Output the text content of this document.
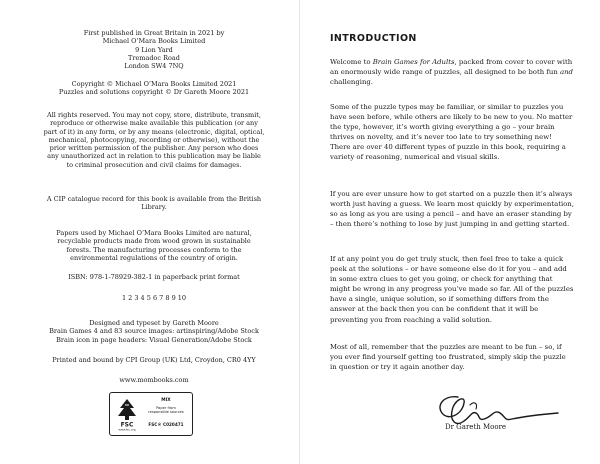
First published in Great Britain in 2021 by
Michael O’Mara Books Limited
9 Lion Yard
Tremadoc Road
London SW4 7NQ

Copyright © Michael O’Mara Books Limited 2021
Puzzles and solutions copyright © Dr Gareth Moore 2021

All rights reserved. You may not copy, store, distribute, transmit,
reproduce or otherwise make available this publication (or any
part of it) in any form, or by any means (electronic, digital, optical,
mechanical, photocopying, recording or otherwise), without the
prior written permission of the publisher. Any person who does
any unauthorized act in relation to this publication may be liable
to criminal prosecution and civil claims for damages.

A CIP catalogue record for this book is available from the British
Library.

Papers used by Michael O’Mara Books Limited are natural,
recyclable products made from wood grown in sustainable
forests. The manufacturing processes conform to the
environmental regulations of the country of origin.

ISBN: 978-1-78929-382-1 in paperback print format

1 2 3 4 5 6 7 8 9 10

Designed and typeset by Gareth Moore
Brain Games 4 and 83 source images: artinspiring/Adobe Stock
Brain icon in page headers: Visual Generation/Adobe Stock

Printed and bound by CPI Group (UK) Ltd, Croydon, CR0 4YY

www.mombooks.com

FSC
www.fsc.org
MIX
Paper from
responsible sources
FSC® C020471
INTRODUCTION

Welcome to Brain Games for Adults, packed from cover to cover with an enormously wide range of puzzles, all designed to be both fun and challenging.

Some of the puzzle types may be familiar, or similar to puzzles you have seen before, while others are likely to be new to you. No matter the type, however, it’s worth giving everything a go – your brain thrives on novelty, and it’s never too late to try something new! There are over 40 different types of puzzle in this book, requiring a variety of reasoning, numerical and visual skills.

If you are ever unsure how to get started on a puzzle then it’s always worth just having a guess. We learn most quickly by experimentation, so as long as you are using a pencil – and have an eraser standing by – then there’s nothing to lose by just jumping in and getting started.

If at any point you do get truly stuck, then feel free to take a quick peek at the solutions – or have someone else do it for you – and add in some extra clues to get you going, or check for anything that might be wrong in any progress you’ve made so far. All of the puzzles have a single, unique solution, so if something differs from the answer at the back then you can be confident that it will be preventing you from reaching a valid solution.

Most of all, remember that the puzzles are meant to be fun – so, if you ever find yourself getting too frustrated, simply skip the puzzle in question or try it again another day.

Dr Gareth Moore
